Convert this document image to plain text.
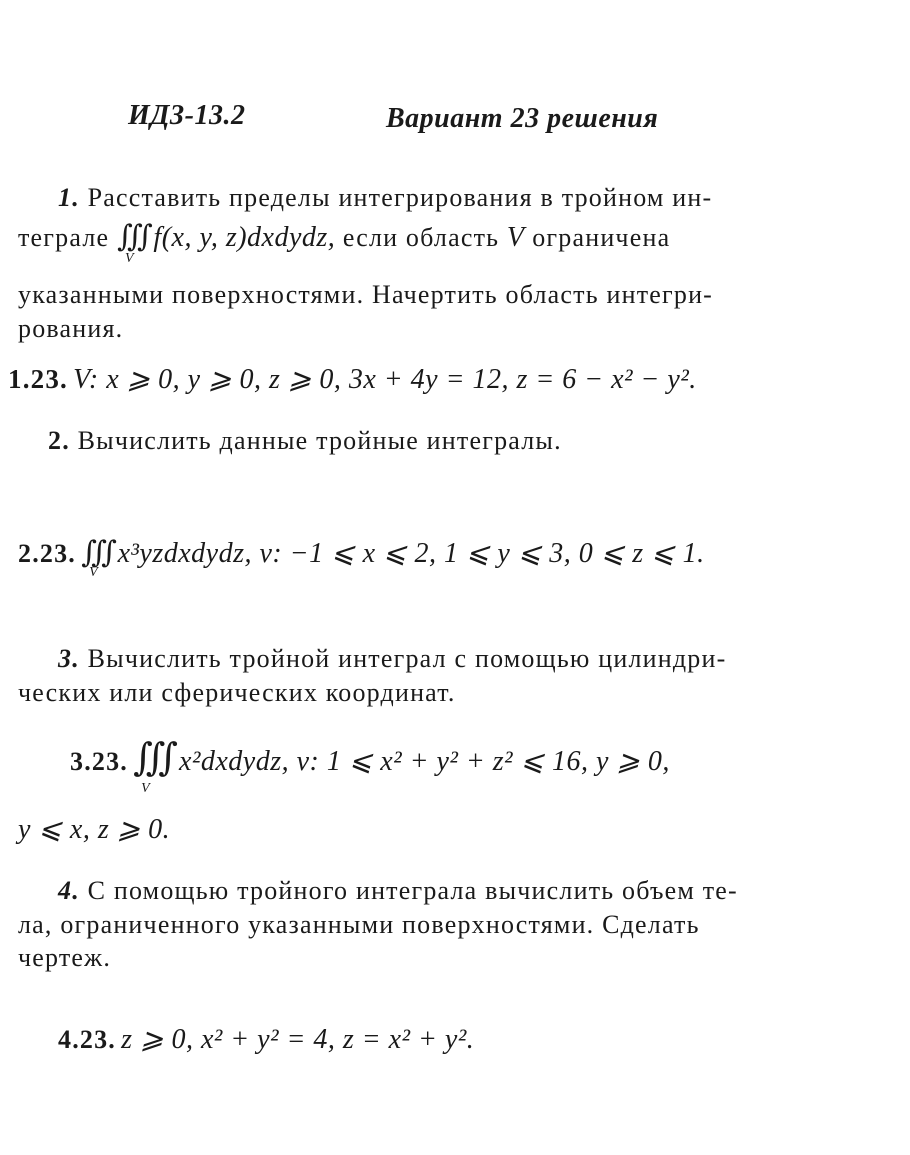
ИДЗ-13.2	Вариант 23 решения
1. Расставить пределы интегрирования в тройном ин-
теграле ∭
V
f(x, y, z)dxdydz, если область V ограничена
указанными поверхностями. Начертить область интегри-
рования.
1.23. V: x ⩾ 0, y ⩾ 0, z ⩾ 0, 3x + 4y = 12, z = 6 − x² − y².
2. Вычислить данные тройные интегралы.
2.23. ∭
V
x³yzdxdydz, v: −1 ⩽ x ⩽ 2, 1 ⩽ y ⩽ 3, 0 ⩽ z ⩽ 1.
3. Вычислить тройной интеграл с помощью цилиндри-
ческих или сферических координат.
3.23. ∭
V
x²dxdydz, v: 1 ⩽ x² + y² + z² ⩽ 16, y ⩾ 0,
y ⩽ x, z ⩾ 0.
4. С помощью тройного интеграла вычислить объем те-
ла, ограниченного указанными поверхностями. Сделать
чертеж.
4.23. z ⩾ 0, x² + y² = 4, z = x² + y².
